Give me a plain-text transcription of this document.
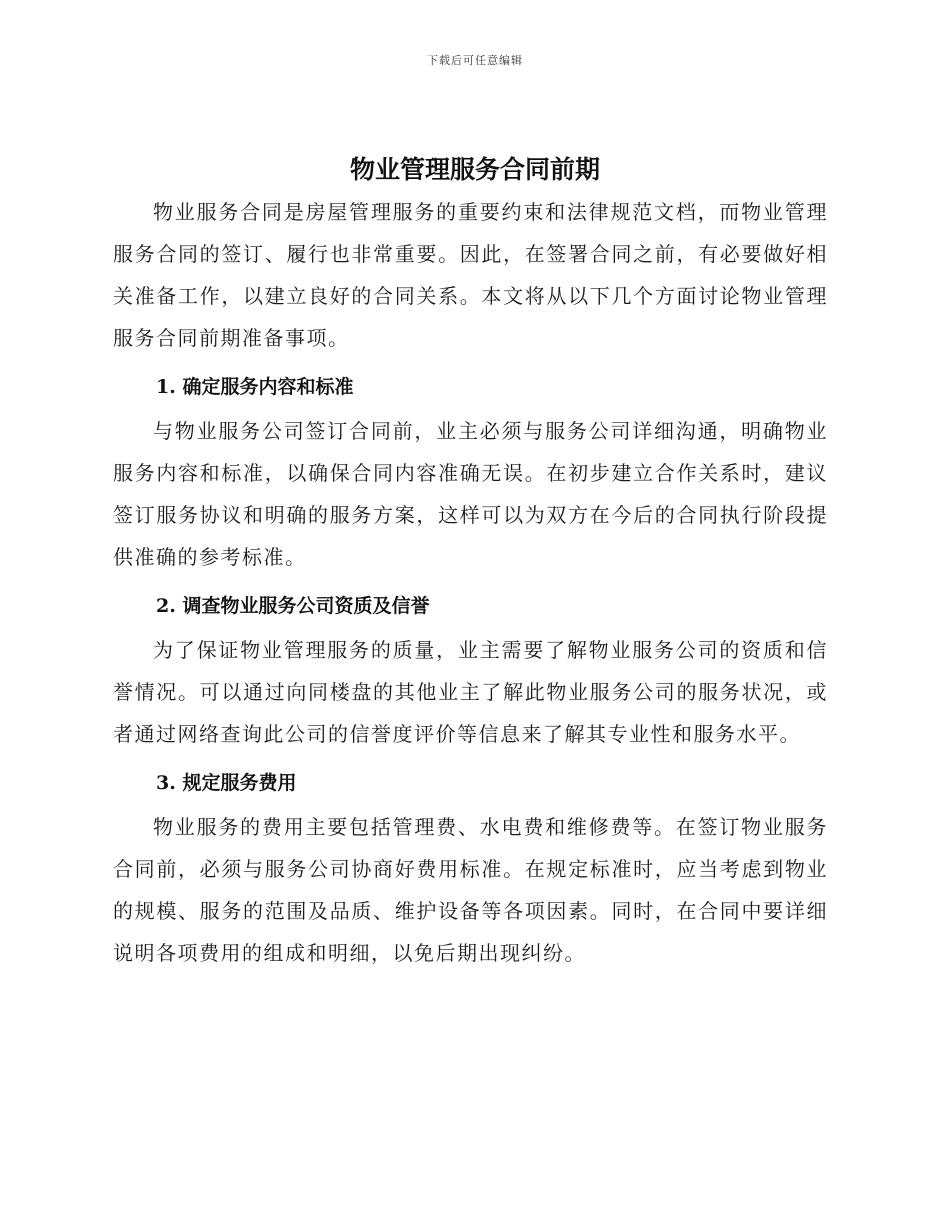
下载后可任意编辑
物业管理服务合同前期

物业服务合同是房屋管理服务的重要约束和法律规范文档，而物业管理服务合同的签订、履行也非常重要。因此，在签署合同之前，有必要做好相关准备工作，以建立良好的合同关系。本文将从以下几个方面讨论物业管理服务合同前期准备事项。

1. 确定服务内容和标准

与物业服务公司签订合同前，业主必须与服务公司详细沟通，明确物业服务内容和标准，以确保合同内容准确无误。在初步建立合作关系时，建议签订服务协议和明确的服务方案，这样可以为双方在今后的合同执行阶段提供准确的参考标准。

2. 调查物业服务公司资质及信誉

为了保证物业管理服务的质量，业主需要了解物业服务公司的资质和信誉情况。可以通过向同楼盘的其他业主了解此物业服务公司的服务状况，或者通过网络查询此公司的信誉度评价等信息来了解其专业性和服务水平。

3. 规定服务费用

物业服务的费用主要包括管理费、水电费和维修费等。在签订物业服务合同前，必须与服务公司协商好费用标准。在规定标准时，应当考虑到物业的规模、服务的范围及品质、维护设备等各项因素。同时，在合同中要详细说明各项费用的组成和明细，以免后期出现纠纷。
